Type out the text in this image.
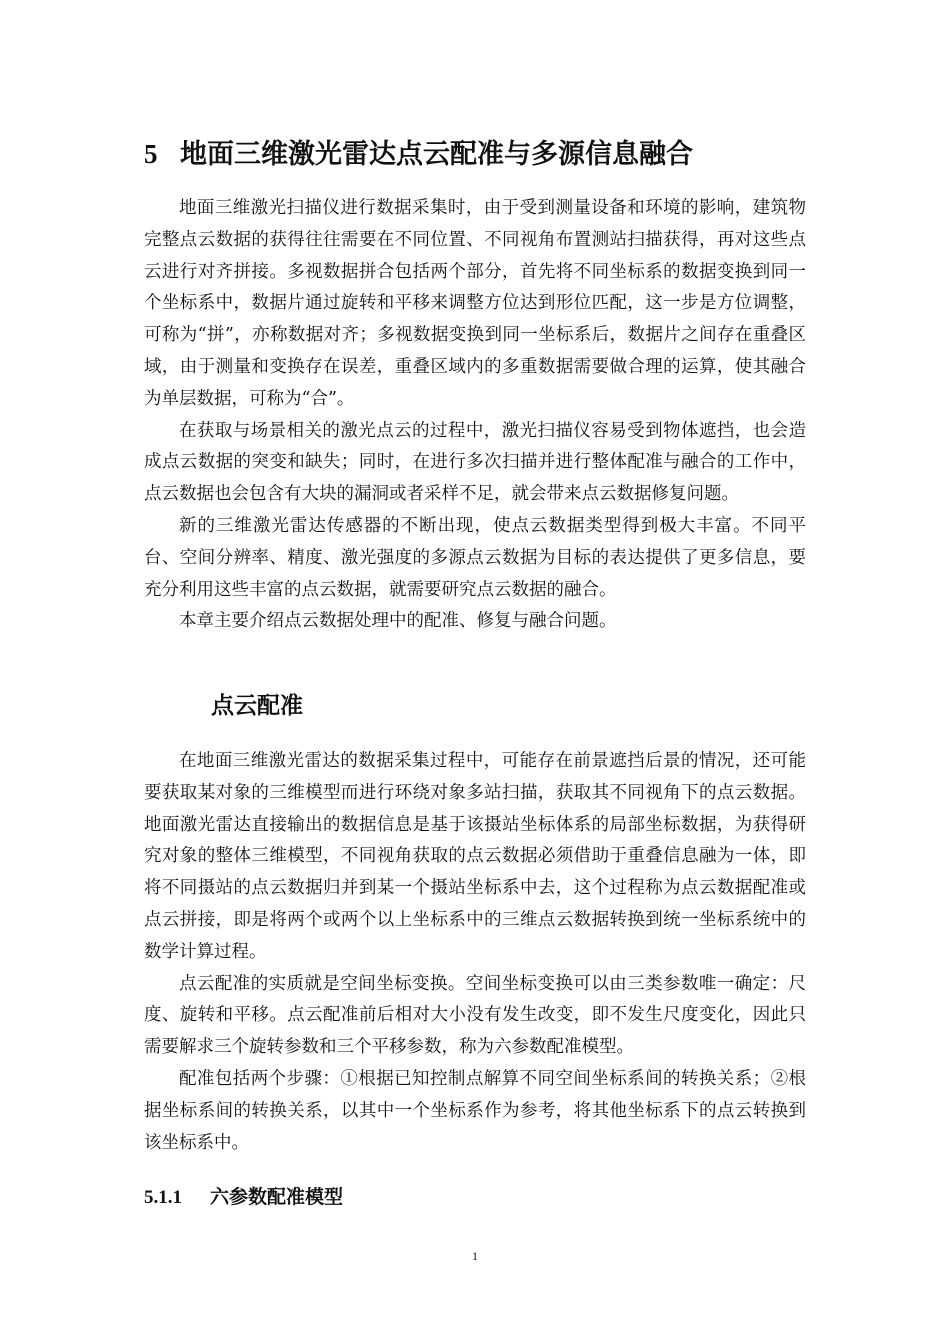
5 地面三维激光雷达点云配准与多源信息融合

地面三维激光扫描仪进行数据采集时，由于受到测量设备和环境的影响，建筑物完整点云数据的获得往往需要在不同位置、不同视角布置测站扫描获得，再对这些点云进行对齐拼接。多视数据拼合包括两个部分，首先将不同坐标系的数据变换到同一个坐标系中，数据片通过旋转和平移来调整方位达到形位匹配，这一步是方位调整，可称为“拼”，亦称数据对齐；多视数据变换到同一坐标系后，数据片之间存在重叠区域，由于测量和变换存在误差，重叠区域内的多重数据需要做合理的运算，使其融合为单层数据，可称为“合”。

在获取与场景相关的激光点云的过程中，激光扫描仪容易受到物体遮挡，也会造成点云数据的突变和缺失；同时，在进行多次扫描并进行整体配准与融合的工作中，点云数据也会包含有大块的漏洞或者采样不足，就会带来点云数据修复问题。

新的三维激光雷达传感器的不断出现，使点云数据类型得到极大丰富。不同平台、空间分辨率、精度、激光强度的多源点云数据为目标的表达提供了更多信息，要充分利用这些丰富的点云数据，就需要研究点云数据的融合。

本章主要介绍点云数据处理中的配准、修复与融合问题。

点云配准

在地面三维激光雷达的数据采集过程中，可能存在前景遮挡后景的情况，还可能要获取某对象的三维模型而进行环绕对象多站扫描，获取其不同视角下的点云数据。地面激光雷达直接输出的数据信息是基于该摄站坐标体系的局部坐标数据，为获得研究对象的整体三维模型，不同视角获取的点云数据必须借助于重叠信息融为一体，即将不同摄站的点云数据归并到某一个摄站坐标系中去，这个过程称为点云数据配准或点云拼接，即是将两个或两个以上坐标系中的三维点云数据转换到统一坐标系统中的数学计算过程。

点云配准的实质就是空间坐标变换。空间坐标变换可以由三类参数唯一确定：尺度、旋转和平移。点云配准前后相对大小没有发生改变，即不发生尺度变化，因此只需要解求三个旋转参数和三个平移参数，称为六参数配准模型。

配准包括两个步骤：①根据已知控制点解算不同空间坐标系间的转换关系；②根据坐标系间的转换关系，以其中一个坐标系作为参考，将其他坐标系下的点云转换到该坐标系中。

5.1.1 六参数配准模型
1
